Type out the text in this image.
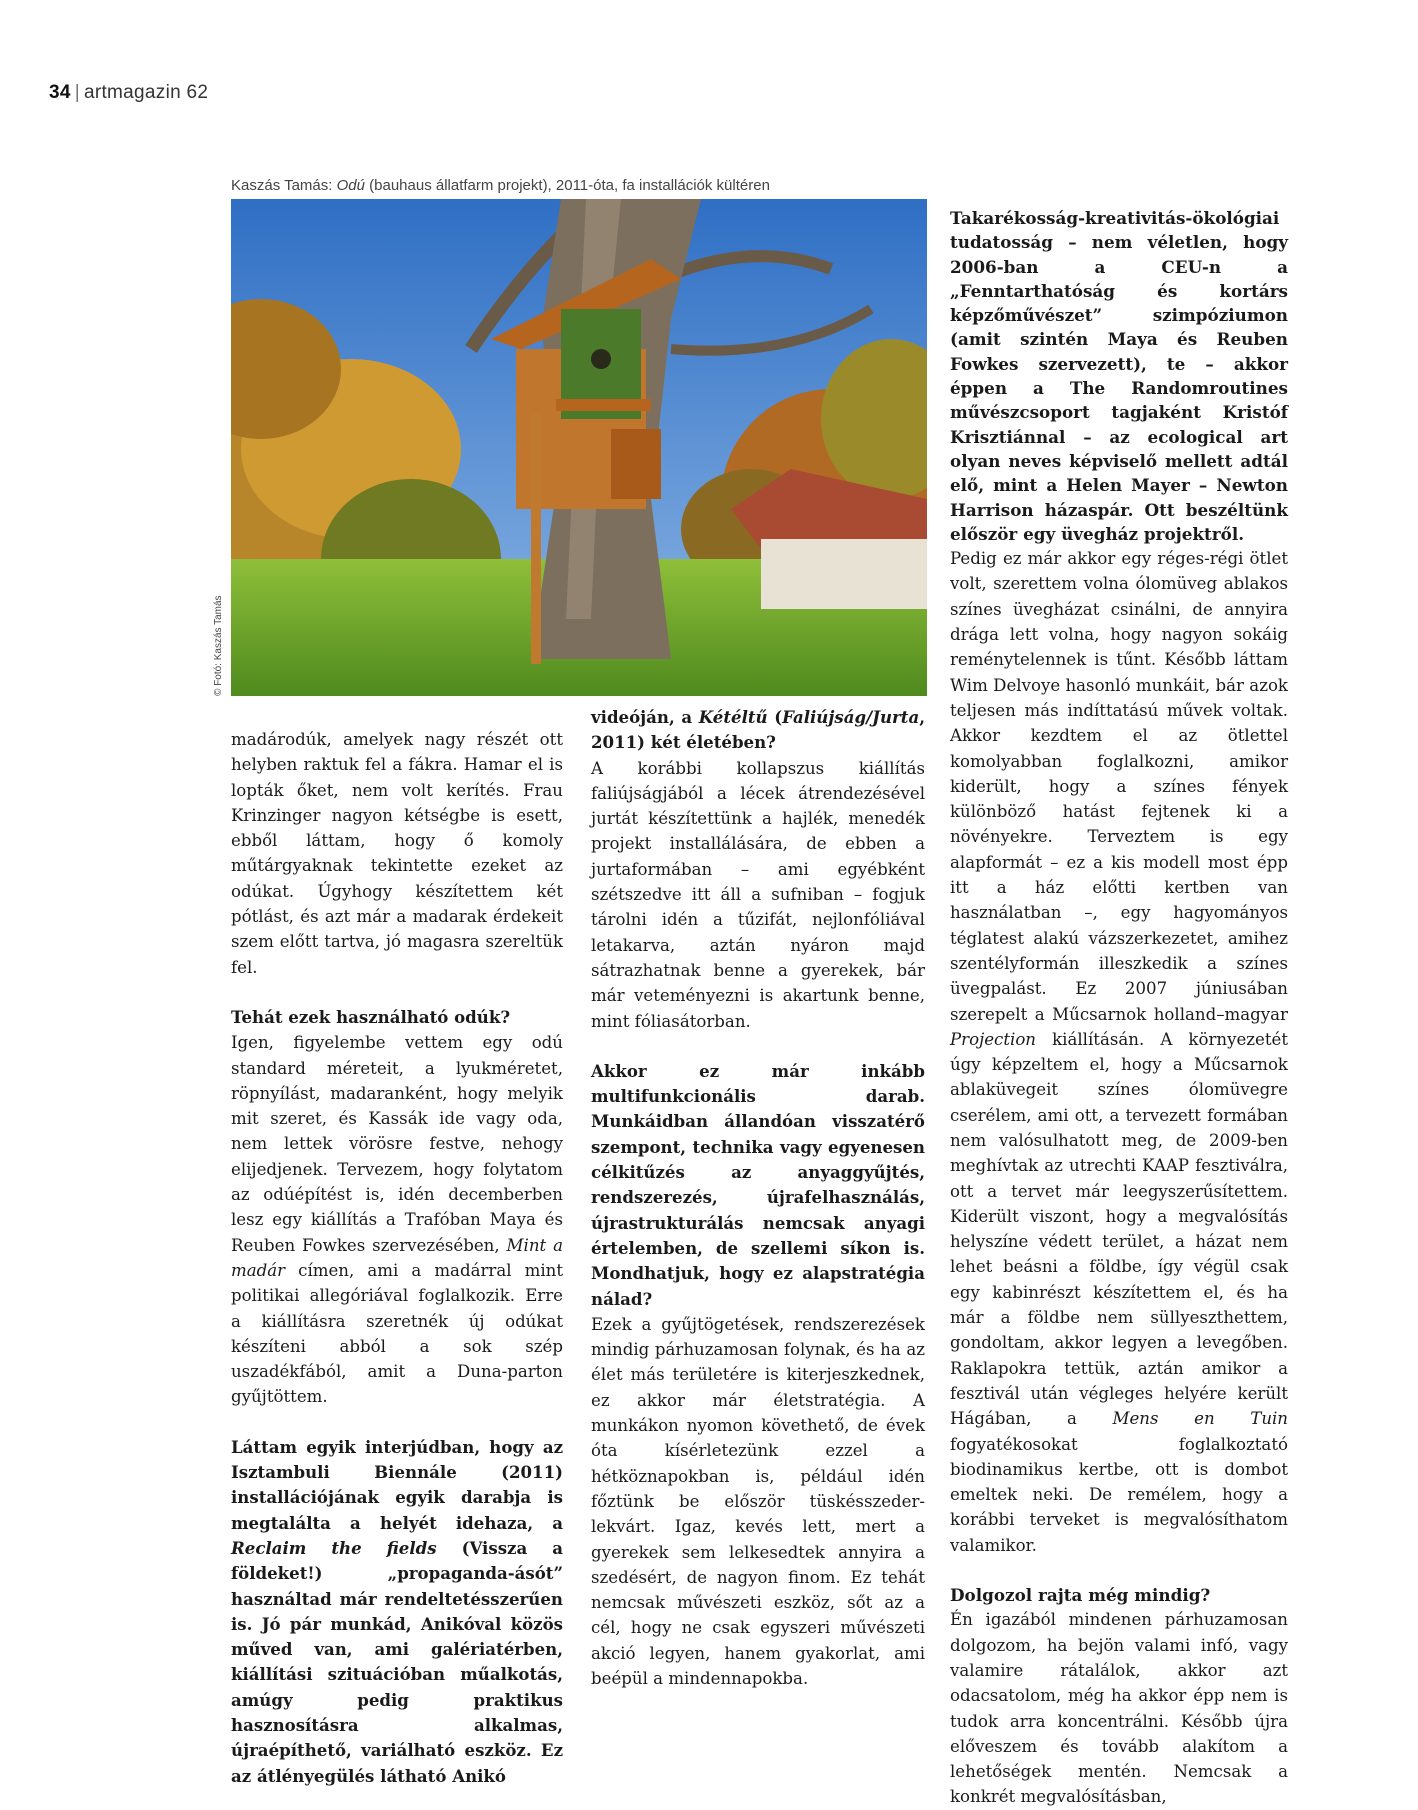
34 | artmagazin 62
Kaszás Tamás: Odú (bauhaus állatfarm projekt), 2011-óta, fa installációk kültéren
© Fotó: Kaszás Tamás

madárodúk, amelyek nagy részét ott helyben raktuk fel a fákra. Hamar el is lopták őket, nem volt kerítés. Frau Krinzinger nagyon kétségbe is esett, ebből láttam, hogy ő komoly műtárgyaknak tekintette ezeket az odúkat. Úgyhogy készítettem két pótlást, és azt már a madarak érdekeit szem előtt tartva, jó magasra szereltük fel.

Tehát ezek használható odúk?

Igen, figyelembe vettem egy odú standard méreteit, a lyukméretet, röpnyílást, madaranként, hogy melyik mit szeret, és Kassák ide vagy oda, nem lettek vörösre festve, nehogy elijedjenek. Tervezem, hogy folytatom az odúépítést is, idén decemberben lesz egy kiállítás a Trafóban Maya és Reuben Fowkes szervezésében, Mint a madár címen, ami a madárral mint politikai allegóriával foglalkozik. Erre a kiállításra szeretnék új odúkat készíteni abból a sok szép uszadékfából, amit a Duna-parton gyűjtöttem.

Láttam egyik interjúdban, hogy az Isztambuli Biennále (2011) installációjának egyik darabja is megtalálta a helyét idehaza, a Reclaim the fields (Vissza a földeket!) „propaganda-ásót” használtad már rendeltetésszerűen is. Jó pár munkád, Anikóval közös műved van, ami galériatérben, kiállítási szituációban műalkotás, amúgy pedig praktikus hasznosításra alkalmas, újraépíthető, variálható eszköz. Ez az átlényegülés látható Anikó

videóján, a Kétéltű (Faliújság/Jurta, 2011) két életében?

A korábbi kollapszus kiállítás faliújságjából a lécek átrendezésével jurtát készítettünk a hajlék, menedék projekt installálására, de ebben a jurtaformában – ami egyébként szétszedve itt áll a sufniban – fogjuk tárolni idén a tűzifát, nejlonfóliával letakarva, aztán nyáron majd sátrazhatnak benne a gyerekek, bár már veteményezni is akartunk benne, mint fóliasátorban.

Akkor ez már inkább multifunkcionális darab. Munkáidban állandóan visszatérő szempont, technika vagy egyenesen célkitűzés az anyaggyűjtés, rendszerezés, újrafelhasználás, újrastrukturálás nemcsak anyagi értelemben, de szellemi síkon is. Mondhatjuk, hogy ez alapstratégia nálad?

Ezek a gyűjtögetések, rendszerezések mindig párhuzamosan folynak, és ha az élet más területére is kiterjeszkednek, ez akkor már életstratégia. A munkákon nyomon követhető, de évek óta kísérletezünk ezzel a hétköznapokban is, például idén főztünk be először tüskésszeder-lekvárt. Igaz, kevés lett, mert a gyerekek sem lelkesedtek annyira a szedésért, de nagyon finom. Ez tehát nemcsak művészeti eszköz, sőt az a cél, hogy ne csak egyszeri művészeti akció legyen, hanem gyakorlat, ami beépül a mindennapokba.

Takarékosság-kreativitás-ökológiai tudatosság – nem véletlen, hogy 2006-ban a CEU-n a „Fenntarthatóság és kortárs képzőművészet” szimpóziumon (amit szintén Maya és Reuben Fowkes szervezett), te – akkor éppen a The Randomroutines művészcsoport tagjaként Kristóf Krisztiánnal – az ecological art olyan neves képviselő mellett adtál elő, mint a Helen Mayer – Newton Harrison házaspár. Ott beszéltünk először egy üvegház projektről.

Pedig ez már akkor egy réges-régi ötlet volt, szerettem volna ólomüveg ablakos színes üvegházat csinálni, de annyira drága lett volna, hogy nagyon sokáig reménytelennek is tűnt. Később láttam Wim Delvoye hasonló munkáit, bár azok teljesen más indíttatású művek voltak. Akkor kezdtem el az ötlettel komolyabban foglalkozni, amikor kiderült, hogy a színes fények különböző hatást fejtenek ki a növényekre. Terveztem is egy alapformát – ez a kis modell most épp itt a ház előtti kertben van használatban –, egy hagyományos téglatest alakú vázszerkezetet, amihez szentélyformán illeszkedik a színes üvegpalást. Ez 2007 júniusában szerepelt a Műcsarnok holland–magyar Projection kiállításán. A környezetét úgy képzeltem el, hogy a Műcsarnok ablaküvegeit színes ólomüvegre cserélem, ami ott, a tervezett formában nem valósulhatott meg, de 2009-ben meghívtak az utrechti KAAP fesztiválra, ott a tervet már leegyszerűsítettem. Kiderült viszont, hogy a megvalósítás helyszíne védett terület, a házat nem lehet beásni a földbe, így végül csak egy kabinrészt készítettem el, és ha már a földbe nem süllyeszthettem, gondoltam, akkor legyen a levegőben. Raklapokra tettük, aztán amikor a fesztivál után végleges helyére került Hágában, a Mens en Tuin fogyatékosokat foglalkoztató biodinamikus kertbe, ott is dombot emeltek neki. De remélem, hogy a korábbi terveket is megvalósíthatom valamikor.

Dolgozol rajta még mindig?

Én igazából mindenen párhuzamosan dolgozom, ha bejön valami infó, vagy valamire rátalálok, akkor azt odacsatolom, még ha akkor épp nem is tudok arra koncentrálni. Később újra előveszem és tovább alakítom a lehetőségek mentén. Nemcsak a konkrét megvalósításban,
